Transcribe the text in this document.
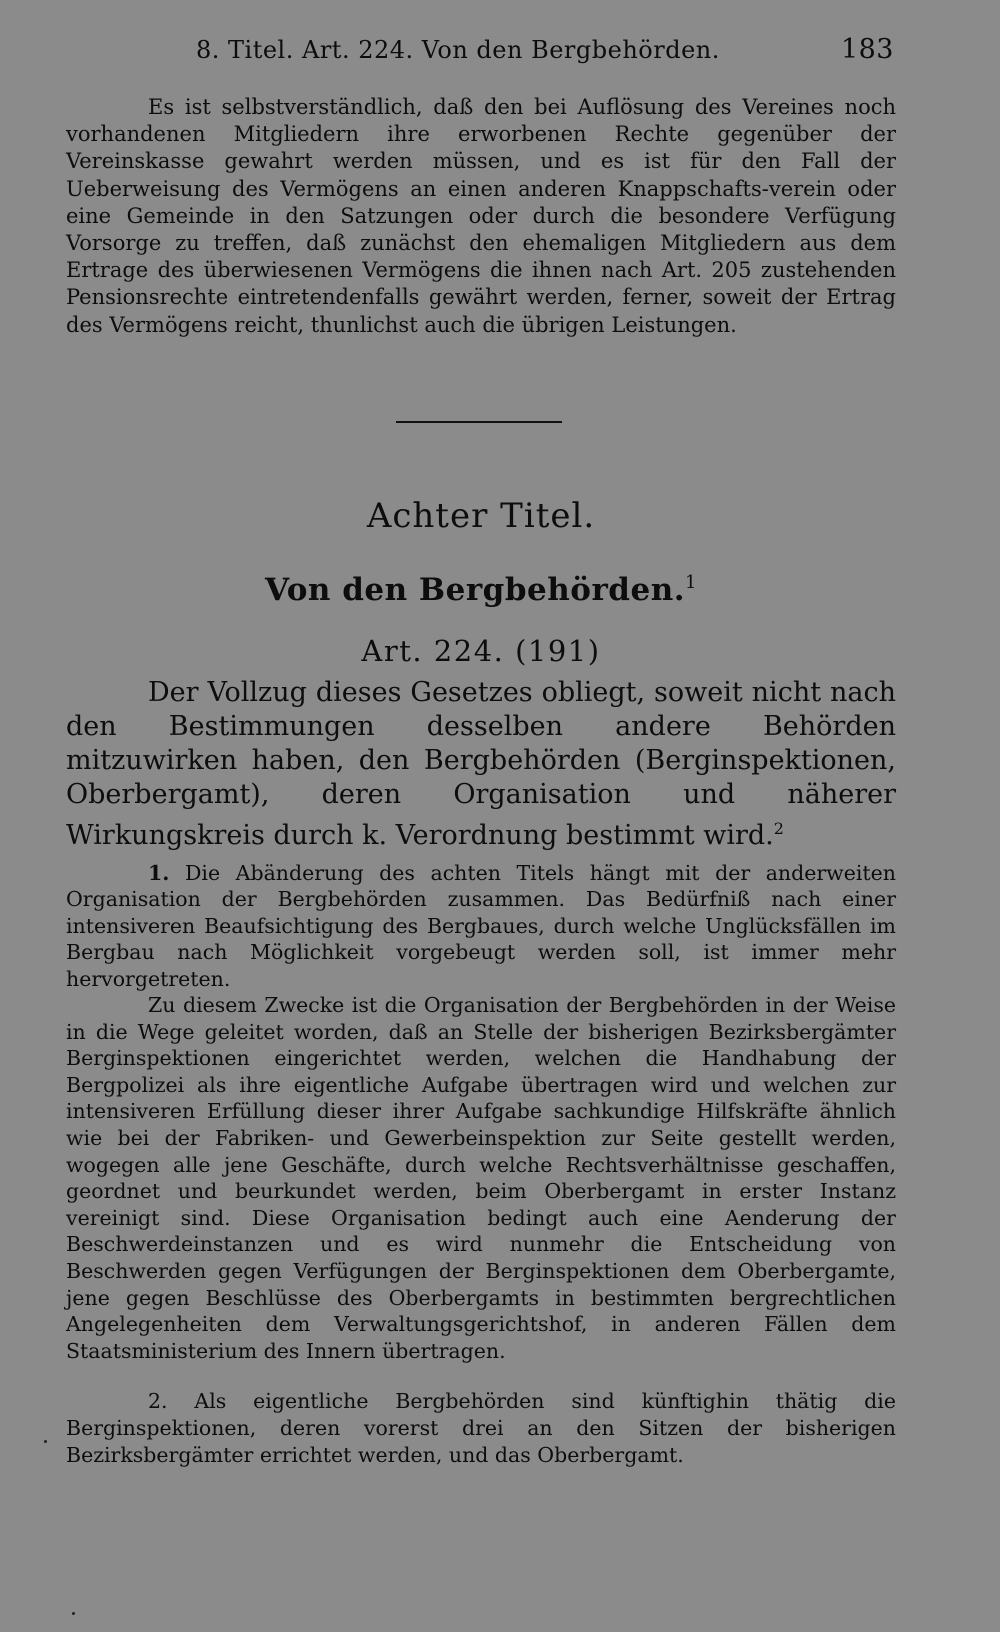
8. Titel. Art. 224. Von den Bergbehörden.	183

Es ist selbstverständlich, daß den bei Auflösung des Vereines noch vorhandenen Mitgliedern ihre erworbenen Rechte gegenüber der Vereinskasse gewahrt werden müssen, und es ist für den Fall der Ueberweisung des Vermögens an einen anderen Knappschafts-verein oder eine Gemeinde in den Satzungen oder durch die besondere Verfügung Vorsorge zu treffen, daß zunächst den ehemaligen Mitgliedern aus dem Ertrage des überwiesenen Vermögens die ihnen nach Art. 205 zustehenden Pensionsrechte eintretendenfalls gewährt werden, ferner, soweit der Ertrag des Vermögens reicht, thunlichst auch die übrigen Leistungen.

Achter Titel.
Von den Bergbehörden.$^1$
Art. 224. (191)

Der Vollzug dieses Gesetzes obliegt, soweit nicht nach den Bestimmungen desselben andere Behörden mitzuwirken haben, den Bergbehörden (Berginspektionen, Oberbergamt), deren Organisation und näherer Wirkungskreis durch k. Verordnung bestimmt wird.$^2$

1. Die Abänderung des achten Titels hängt mit der anderweiten Organisation der Bergbehörden zusammen. Das Bedürfniß nach einer intensiveren Beaufsichtigung des Bergbaues, durch welche Unglücksfällen im Bergbau nach Möglichkeit vorgebeugt werden soll, ist immer mehr hervorgetreten.

Zu diesem Zwecke ist die Organisation der Bergbehörden in der Weise in die Wege geleitet worden, daß an Stelle der bisherigen Bezirksbergämter Berginspektionen eingerichtet werden, welchen die Handhabung der Bergpolizei als ihre eigentliche Aufgabe übertragen wird und welchen zur intensiveren Erfüllung dieser ihrer Aufgabe sachkundige Hilfskräfte ähnlich wie bei der Fabriken- und Gewerbeinspektion zur Seite gestellt werden, wogegen alle jene Geschäfte, durch welche Rechtsverhältnisse geschaffen, geordnet und beurkundet werden, beim Oberbergamt in erster Instanz vereinigt sind. Diese Organisation bedingt auch eine Aenderung der Beschwerdeinstanzen und es wird nunmehr die Entscheidung von Beschwerden gegen Verfügungen der Berginspektionen dem Oberbergamte, jene gegen Beschlüsse des Oberbergamts in bestimmten bergrechtlichen Angelegenheiten dem Verwaltungsgerichtshof, in anderen Fällen dem Staatsministerium des Innern übertragen.

2. Als eigentliche Bergbehörden sind künftighin thätig die Berginspektionen, deren vorerst drei an den Sitzen der bisherigen Bezirksbergämter errichtet werden, und das Oberbergamt.
